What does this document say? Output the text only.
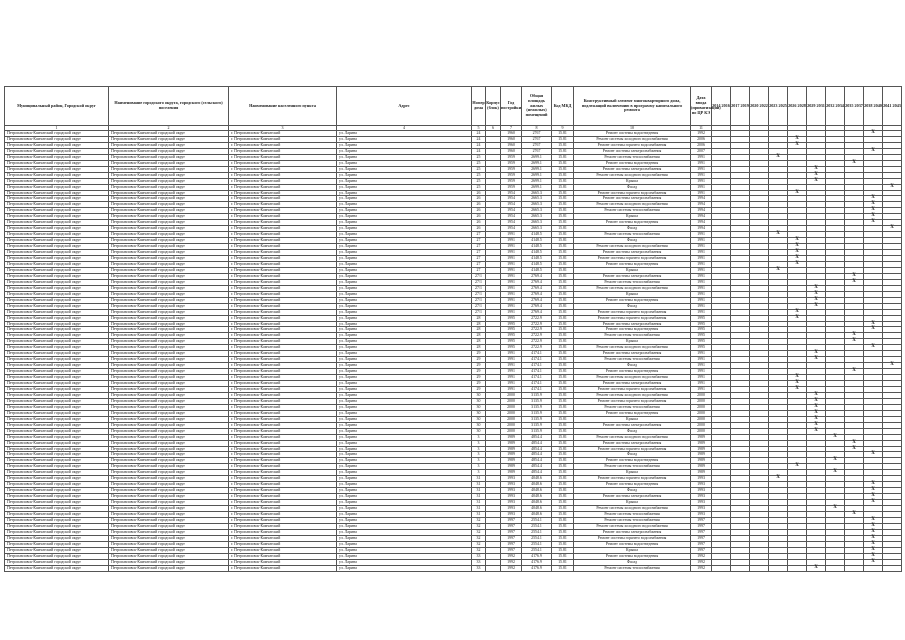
Муниципальный район, Городской округ	Наименование городского округа, городского (сельского) поселения	Наименование населенного пункта	Адрес	Номер дома	Корпус (блок)	Год постройки	Общая площадь жилых (нежилых) помещений	Код МКД	Конструктивный элемент многоквартирного дома, подлежащий включению в программу капитального ремонта	Дата ввода (приватизации) по ЦР КЭ	2014 2016	2017 2019	2020 2022	2023 2025	2026 2028	2029 2031	2032 2034	2035 2037	2038 2040	2041 2043
1	2	3	4	5	6	7	8	9	10	11										
Петропавловск-Камчатский городской округ	Петропавловск-Камчатский городской округ	г. Петропавловск-Камчатский	ул. Ларина	24		1960	2767	15.81	Ремонт системы водоотведения	1992									X	
Петропавловск-Камчатский городской округ	Петропавловск-Камчатский городской округ	г. Петропавловск-Камчатский	ул. Ларина	24		1960	2767	15.81	Ремонт системы холодного водоснабжения	2006					X					
Петропавловск-Камчатский городской округ	Петропавловск-Камчатский городской округ	г. Петропавловск-Камчатский	ул. Ларина	24		1960	2767	15.81	Ремонт системы горячего водоснабжения	2006					X					
Петропавловск-Камчатский городской округ	Петропавловск-Камчатский городской округ	г. Петропавловск-Камчатский	ул. Ларина	24		1960	2767	15.81	Ремонт системы электроснабжения	2007									X	
Петропавловск-Камчатский городской округ	Петропавловск-Камчатский городской округ	г. Петропавловск-Камчатский	ул. Ларина	25		1959	2699.1	15.81	Ремонт системы теплоснабжения	1991				X						
Петропавловск-Камчатский городской округ	Петропавловск-Камчатский городской округ	г. Петропавловск-Камчатский	ул. Ларина	25		1959	2699.1	15.81	Ремонт системы водоотведения	1991								X		
Петропавловск-Камчатский городской округ	Петропавловск-Камчатский городской округ	г. Петропавловск-Камчатский	ул. Ларина	25		1959	2699.1	15.81	Ремонт системы электроснабжения	1991						X				
Петропавловск-Камчатский городской округ	Петропавловск-Камчатский городской округ	г. Петропавловск-Камчатский	ул. Ларина	25		1959	2699.1	15.81	Ремонт системы холодного водоснабжения	1991						X				
Петропавловск-Камчатский городской округ	Петропавловск-Камчатский городской округ	г. Петропавловск-Камчатский	ул. Ларина	25		1959	2699.1	15.81	Крыша	1991						X				
Петропавловск-Камчатский городской округ	Петропавловск-Камчатский городской округ	г. Петропавловск-Камчатский	ул. Ларина	25		1959	2699.1	15.81	Фасад	1991										X
Петропавловск-Камчатский городской округ	Петропавловск-Камчатский городской округ	г. Петропавловск-Камчатский	ул. Ларина	26		1954	2665.3	15.81	Ремонт системы горячего водоснабжения	1991					X					
Петропавловск-Камчатский городской округ	Петропавловск-Камчатский городской округ	г. Петропавловск-Камчатский	ул. Ларина	26		1954	2665.3	15.81	Ремонт системы электроснабжения	1994									X	
Петропавловск-Камчатский городской округ	Петропавловск-Камчатский городской округ	г. Петропавловск-Камчатский	ул. Ларина	26		1954	2665.3	15.81	Ремонт системы холодного водоснабжения	1994									X	
Петропавловск-Камчатский городской округ	Петропавловск-Камчатский городской округ	г. Петропавловск-Камчатский	ул. Ларина	26		1954	2665.3	15.81	Ремонт системы теплоснабжения	1994									X	
Петропавловск-Камчатский городской округ	Петропавловск-Камчатский городской округ	г. Петропавловск-Камчатский	ул. Ларина	26		1954	2665.3	15.81	Крыша	1994									X	
Петропавловск-Камчатский городской округ	Петропавловск-Камчатский городской округ	г. Петропавловск-Камчатский	ул. Ларина	26		1954	2665.3	15.81	Ремонт системы водоотведения	1994									X	
Петропавловск-Камчатский городской округ	Петропавловск-Камчатский городской округ	г. Петропавловск-Камчатский	ул. Ларина	26		1954	2665.3	15.81	Фасад	1994										X
Петропавловск-Камчатский городской округ	Петропавловск-Камчатский городской округ	г. Петропавловск-Камчатский	ул. Ларина	27		1991	4148.5	15.81	Ремонт системы теплоснабжения	1991				X						
Петропавловск-Камчатский городской округ	Петропавловск-Камчатский городской округ	г. Петропавловск-Камчатский	ул. Ларина	27		1991	4148.5	15.81	Фасад	1991					X					
Петропавловск-Камчатский городской округ	Петропавловск-Камчатский городской округ	г. Петропавловск-Камчатский	ул. Ларина	27		1991	4148.5	15.81	Ремонт системы холодного водоснабжения	1991					X					
Петропавловск-Камчатский городской округ	Петропавловск-Камчатский городской округ	г. Петропавловск-Камчатский	ул. Ларина	27		1991	4148.5	15.81	Ремонт системы электроснабжения	1991					X					
Петропавловск-Камчатский городской округ	Петропавловск-Камчатский городской округ	г. Петропавловск-Камчатский	ул. Ларина	27		1991	4148.5	15.81	Ремонт системы горячего водоснабжения	1991					X					
Петропавловск-Камчатский городской округ	Петропавловск-Камчатский городской округ	г. Петропавловск-Камчатский	ул. Ларина	27		1991	4148.5	15.81	Ремонт системы водоотведения	1991					X					
Петропавловск-Камчатский городской округ	Петропавловск-Камчатский городской округ	г. Петропавловск-Камчатский	ул. Ларина	27		1991	4148.5	15.81	Крыша	1991				X						
Петропавловск-Камчатский городской округ	Петропавловск-Камчатский городской округ	г. Петропавловск-Камчатский	ул. Ларина	27/1		1991	2769.4	15.81	Ремонт системы электроснабжения	1991								X		
Петропавловск-Камчатский городской округ	Петропавловск-Камчатский городской округ	г. Петропавловск-Камчатский	ул. Ларина	27/1		1991	2769.4	15.81	Ремонт системы теплоснабжения	1991								X		
Петропавловск-Камчатский городской округ	Петропавловск-Камчатский городской округ	г. Петропавловск-Камчатский	ул. Ларина	27/1		1991	2769.4	15.81	Ремонт системы холодного водоснабжения	1991						X				
Петропавловск-Камчатский городской округ	Петропавловск-Камчатский городской округ	г. Петропавловск-Камчатский	ул. Ларина	27/1		1991	2769.4	15.81	Крыша	1991						X				
Петропавловск-Камчатский городской округ	Петропавловск-Камчатский городской округ	г. Петропавловск-Камчатский	ул. Ларина	27/1		1991	2769.4	15.81	Ремонт системы водоотведения	1991						X				
Петропавловск-Камчатский городской округ	Петропавловск-Камчатский городской округ	г. Петропавловск-Камчатский	ул. Ларина	27/1		1991	2769.4	15.81	Фасад	1991						X				
Петропавловск-Камчатский городской округ	Петропавловск-Камчатский городской округ	г. Петропавловск-Камчатский	ул. Ларина	27/1		1991	2769.4	15.81	Ремонт системы горячего водоснабжения	1991					X					
Петропавловск-Камчатский городской округ	Петропавловск-Камчатский городской округ	г. Петропавловск-Камчатский	ул. Ларина	28		1995	2722.9	15.81	Ремонт системы горячего водоснабжения	1995					X					
Петропавловск-Камчатский городской округ	Петропавловск-Камчатский городской округ	г. Петропавловск-Камчатский	ул. Ларина	28		1995	2722.9	15.81	Ремонт системы электроснабжения	1995									X	
Петропавловск-Камчатский городской округ	Петропавловск-Камчатский городской округ	г. Петропавловск-Камчатский	ул. Ларина	28		1995	2722.9	15.81	Ремонт системы водоотведения	1995									X	
Петропавловск-Камчатский городской округ	Петропавловск-Камчатский городской округ	г. Петропавловск-Камчатский	ул. Ларина	28		1995	2722.9	15.81	Ремонт системы теплоснабжения	1995								X		
Петропавловск-Камчатский городской округ	Петропавловск-Камчатский городской округ	г. Петропавловск-Камчатский	ул. Ларина	28		1995	2722.9	15.81	Крыша	1995								X		
Петропавловск-Камчатский городской округ	Петропавловск-Камчатский городской округ	г. Петропавловск-Камчатский	ул. Ларина	28		1995	2722.9	15.81	Ремонт системы холодного водоснабжения	1995									X	
Петропавловск-Камчатский городской округ	Петропавловск-Камчатский городской округ	г. Петропавловск-Камчатский	ул. Ларина	29		1991	4174.1	15.81	Ремонт системы электроснабжения	1991						X				
Петропавловск-Камчатский городской округ	Петропавловск-Камчатский городской округ	г. Петропавловск-Камчатский	ул. Ларина	29		1991	4174.1	15.81	Ремонт системы теплоснабжения	1991						X				
Петропавловск-Камчатский городской округ	Петропавловск-Камчатский городской округ	г. Петропавловск-Камчатский	ул. Ларина	29		1991	4174.1	15.81	Фасад	1991										X
Петропавловск-Камчатский городской округ	Петропавловск-Камчатский городской округ	г. Петропавловск-Камчатский	ул. Ларина	29		1991	4174.1	15.81	Ремонт системы водоотведения	1991								X		
Петропавловск-Камчатский городской округ	Петропавловск-Камчатский городской округ	г. Петропавловск-Камчатский	ул. Ларина	29		1991	4174.1	15.81	Ремонт системы холодного водоснабжения	1991					X					
Петропавловск-Камчатский городской округ	Петропавловск-Камчатский городской округ	г. Петропавловск-Камчатский	ул. Ларина	29		1991	4174.1	15.81	Ремонт системы электроснабжения	1991					X					
Петропавловск-Камчатский городской округ	Петропавловск-Камчатский городской округ	г. Петропавловск-Камчатский	ул. Ларина	29		1991	4174.1	15.81	Ремонт системы горячего водоснабжения	1991					X					
Петропавловск-Камчатский городской округ	Петропавловск-Камчатский городской округ	г. Петропавловск-Камчатский	ул. Ларина	30		2000	3135.9	15.81	Ремонт системы холодного водоснабжения	2000						X				
Петропавловск-Камчатский городской округ	Петропавловск-Камчатский городской округ	г. Петропавловск-Камчатский	ул. Ларина	30		2000	3135.9	15.81	Ремонт системы горячего водоснабжения	2000						X				
Петропавловск-Камчатский городской округ	Петропавловск-Камчатский городской округ	г. Петропавловск-Камчатский	ул. Ларина	30		2000	3135.9	15.81	Ремонт системы теплоснабжения	2000						X				
Петропавловск-Камчатский городской округ	Петропавловск-Камчатский городской округ	г. Петропавловск-Камчатский	ул. Ларина	30		2000	3135.9	15.81	Ремонт системы водоотведения	2000						X				
Петропавловск-Камчатский городской округ	Петропавловск-Камчатский городской округ	г. Петропавловск-Камчатский	ул. Ларина	30		2000	3135.9	15.81	Крыша	2000						X				
Петропавловск-Камчатский городской округ	Петропавловск-Камчатский городской округ	г. Петропавловск-Камчатский	ул. Ларина	30		2000	3135.9	15.81	Ремонт системы электроснабжения	2000						X				
Петропавловск-Камчатский городской округ	Петропавловск-Камчатский городской округ	г. Петропавловск-Камчатский	ул. Ларина	30		2000	3135.9	15.81	Фасад	2000						X				
Петропавловск-Камчатский городской округ	Петропавловск-Камчатский городской округ	г. Петропавловск-Камчатский	ул. Ларина	3		1989	4854.4	15.81	Ремонт системы холодного водоснабжения	1989							X			
Петропавловск-Камчатский городской округ	Петропавловск-Камчатский городской округ	г. Петропавловск-Камчатский	ул. Ларина	3		1989	4854.4	15.81	Ремонт системы электроснабжения	1989								X		
Петропавловск-Камчатский городской округ	Петропавловск-Камчатский городской округ	г. Петропавловск-Камчатский	ул. Ларина	3		1989	4854.4	15.81	Ремонт системы горячего водоснабжения	1989								X		
Петропавловск-Камчатский городской округ	Петропавловск-Камчатский городской округ	г. Петропавловск-Камчатский	ул. Ларина	3		1989	4854.4	15.81	Фасад	1989									X	
Петропавловск-Камчатский городской округ	Петропавловск-Камчатский городской округ	г. Петропавловск-Камчатский	ул. Ларина	3		1989	4854.4	15.81	Ремонт системы водоотведения	1989							X			
Петропавловск-Камчатский городской округ	Петропавловск-Камчатский городской округ	г. Петропавловск-Камчатский	ул. Ларина	3		1989	4854.4	15.81	Ремонт системы теплоснабжения	1989					X					
Петропавловск-Камчатский городской округ	Петропавловск-Камчатский городской округ	г. Петропавловск-Камчатский	ул. Ларина	3		1989	4854.4	15.81	Крыша	1989							X			
Петропавловск-Камчатский городской округ	Петропавловск-Камчатский городской округ	г. Петропавловск-Камчатский	ул. Ларина	31		1993	4048.6	15.81	Ремонт системы горячего водоснабжения	1993				X						
Петропавловск-Камчатский городской округ	Петропавловск-Камчатский городской округ	г. Петропавловск-Камчатский	ул. Ларина	31		1993	4048.6	15.81	Ремонт системы водоотведения	1993									X	
Петропавловск-Камчатский городской округ	Петропавловск-Камчатский городской округ	г. Петропавловск-Камчатский	ул. Ларина	31		1993	4048.6	15.81	Фасад	1993									X	
Петропавловск-Камчатский городской округ	Петропавловск-Камчатский городской округ	г. Петропавловск-Камчатский	ул. Ларина	31		1993	4048.6	15.81	Ремонт системы электроснабжения	1993									X	
Петропавловск-Камчатский городской округ	Петропавловск-Камчатский городской округ	г. Петропавловск-Камчатский	ул. Ларина	31		1993	4048.6	15.81	Крыша	1993									X	
Петропавловск-Камчатский городской округ	Петропавловск-Камчатский городской округ	г. Петропавловск-Камчатский	ул. Ларина	31		1993	4048.6	15.81	Ремонт системы холодного водоснабжения	1993							X			
Петропавловск-Камчатский городской округ	Петропавловск-Камчатский городской округ	г. Петропавловск-Камчатский	ул. Ларина	31		1993	4048.6	15.81	Ремонт системы теплоснабжения	1993								X		
Петропавловск-Камчатский городской округ	Петропавловск-Камчатский городской округ	г. Петропавловск-Камчатский	ул. Ларина	32		1997	2554.1	15.81	Ремонт системы теплоснабжения	1997									X	
Петропавловск-Камчатский городской округ	Петропавловск-Камчатский городской округ	г. Петропавловск-Камчатский	ул. Ларина	32		1997	2554.1	15.81	Ремонт системы холодного водоснабжения	1997									X	
Петропавловск-Камчатский городской округ	Петропавловск-Камчатский городской округ	г. Петропавловск-Камчатский	ул. Ларина	32		1997	2554.1	15.81	Ремонт системы электроснабжения	1997									X	
Петропавловск-Камчатский городской округ	Петропавловск-Камчатский городской округ	г. Петропавловск-Камчатский	ул. Ларина	32		1997	2554.1	15.81	Ремонт системы горячего водоснабжения	1997									X	
Петропавловск-Камчатский городской округ	Петропавловск-Камчатский городской округ	г. Петропавловск-Камчатский	ул. Ларина	32		1997	2554.1	15.81	Ремонт системы водоотведения	1997									X	
Петропавловск-Камчатский городской округ	Петропавловск-Камчатский городской округ	г. Петропавловск-Камчатский	ул. Ларина	32		1997	2554.1	15.81	Крыша	1997									X	
Петропавловск-Камчатский городской округ	Петропавловск-Камчатский городской округ	г. Петропавловск-Камчатский	ул. Ларина	33		1992	4176.9	15.81	Ремонт системы водоотведения	1992									X	
Петропавловск-Камчатский городской округ	Петропавловск-Камчатский городской округ	г. Петропавловск-Камчатский	ул. Ларина	33		1992	4176.9	15.81	Фасад	1992									X	
Петропавловск-Камчатский городской округ	Петропавловск-Камчатский городской округ	г. Петропавловск-Камчатский	ул. Ларина	33		1992	4176.9	15.81	Ремонт системы теплоснабжения	1992						X				
